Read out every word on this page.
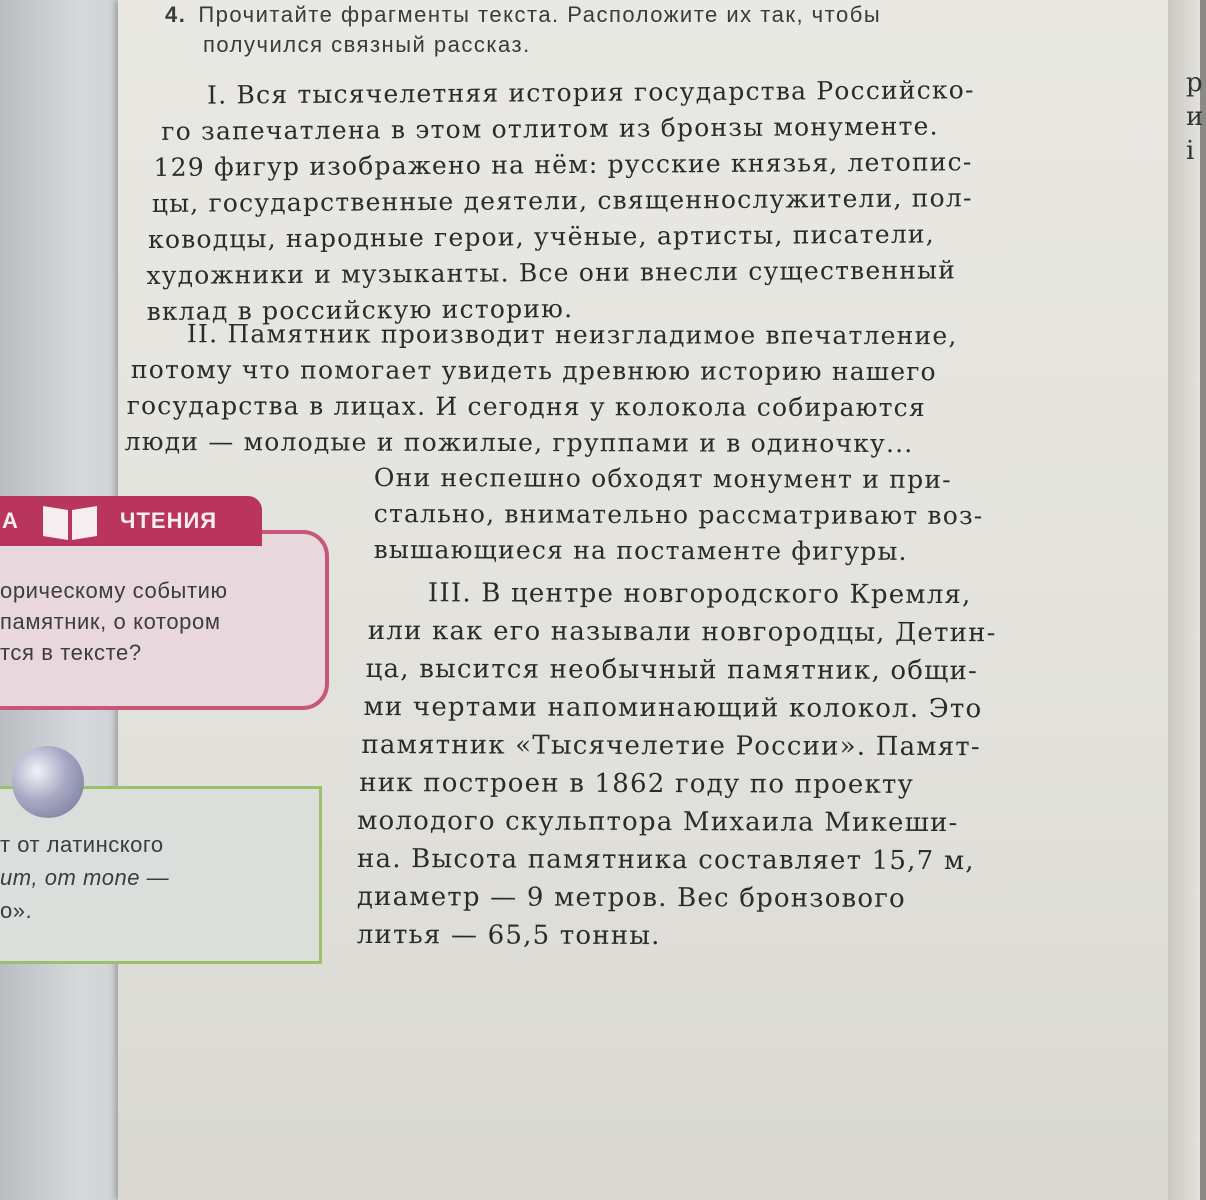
р
и
і
4. Прочитайте фрагменты текста. Расположите их так, чтобы
получился связный рассказ.
I. Вся тысячелетняя история государства Российско-
го запечатлена в этом отлитом из бронзы монументе.
129 фигур изображено на нём: русские князья, летопис-
цы, государственные деятели, священнослужители, пол-
ководцы, народные герои, учёные, артисты, писатели,
художники и музыканты. Все они внесли существенный
вклад в российскую историю.
II. Памятник производит неизгладимое впечатление,
потому что помогает увидеть древнюю историю нашего
государства в лицах. И сегодня у колокола собираются
люди — молодые и пожилые, группами и в одиночку...
Они неспешно обходят монумент и при-
стально, внимательно рассматривают воз-
вышающиеся на постаменте фигуры.
III. В центре новгородского Кремля,
или как его называли новгородцы, Детин-
ца, высится необычный памятник, общи-
ми чертами напоминающий колокол. Это
памятник «Тысячелетие России». Памят-
ник построен в 1862 году по проекту
молодого скульптора Михаила Микеши-
на. Высота памятника составляет 15,7 м,
диаметр — 9 метров. Вес бронзового
литья — 65,5 тонны.
А	ЧТЕНИЯ
орическому событию
памятник, о котором
тся в тексте?
т от латинского
um, от mone —
о».
